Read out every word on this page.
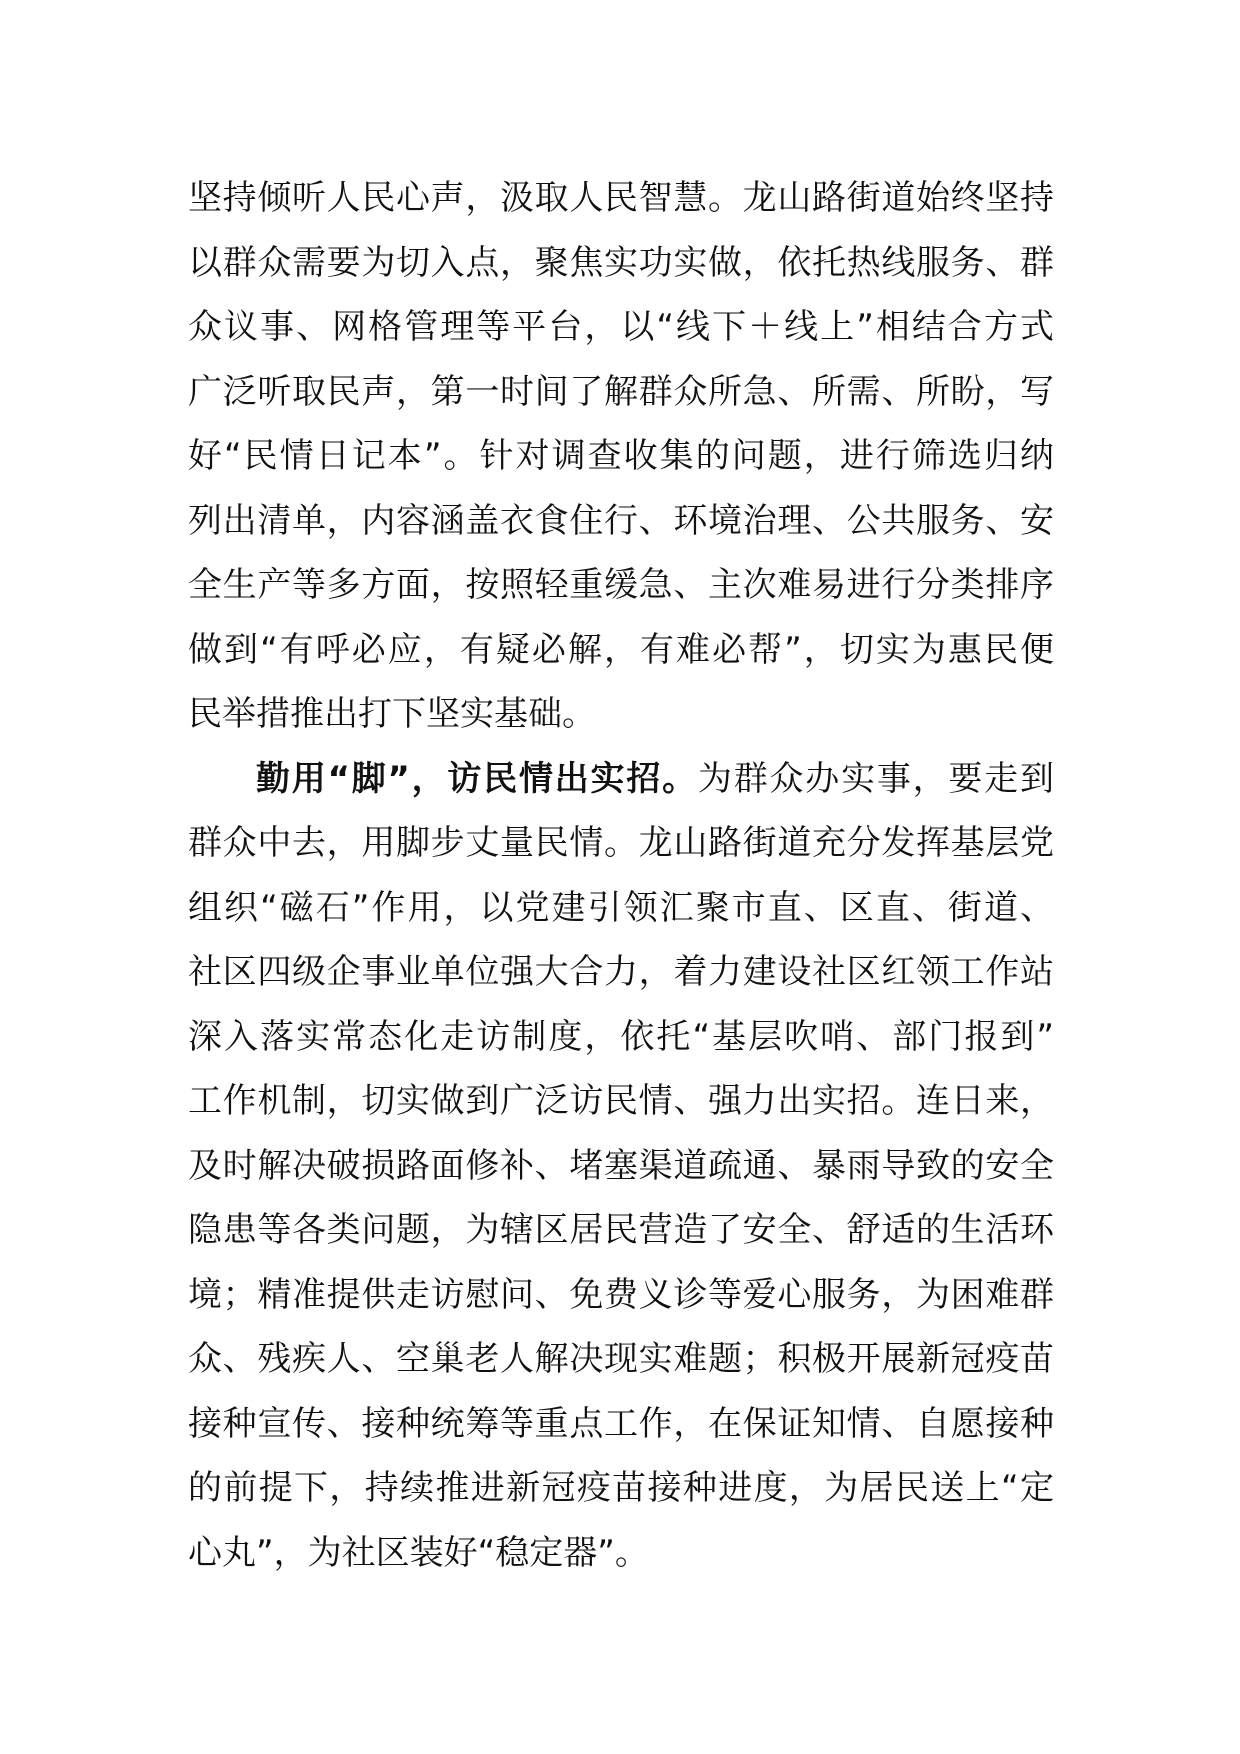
坚持倾听人民心声，汲取人民智慧。龙山路街道始终坚持
以群众需要为切入点，聚焦实功实做，依托热线服务、群
众议事、网格管理等平台，以“线下＋线上”相结合方式
广泛听取民声，第一时间了解群众所急、所需、所盼，写
好“民情日记本”。针对调查收集的问题，进行筛选归纳
列出清单，内容涵盖衣食住行、环境治理、公共服务、安
全生产等多方面，按照轻重缓急、主次难易进行分类排序
做到“有呼必应，有疑必解，有难必帮”，切实为惠民便
民举措推出打下坚实基础。
勤用“脚”，访民情出实招。为群众办实事，要走到
群众中去，用脚步丈量民情。龙山路街道充分发挥基层党
组织“磁石”作用，以党建引领汇聚市直、区直、街道、
社区四级企事业单位强大合力，着力建设社区红领工作站
深入落实常态化走访制度，依托“基层吹哨、部门报到”
工作机制，切实做到广泛访民情、强力出实招。连日来，
及时解决破损路面修补、堵塞渠道疏通、暴雨导致的安全
隐患等各类问题，为辖区居民营造了安全、舒适的生活环
境；精准提供走访慰问、免费义诊等爱心服务，为困难群
众、残疾人、空巢老人解决现实难题；积极开展新冠疫苗
接种宣传、接种统筹等重点工作，在保证知情、自愿接种
的前提下，持续推进新冠疫苗接种进度，为居民送上“定
心丸”，为社区装好“稳定器”。
